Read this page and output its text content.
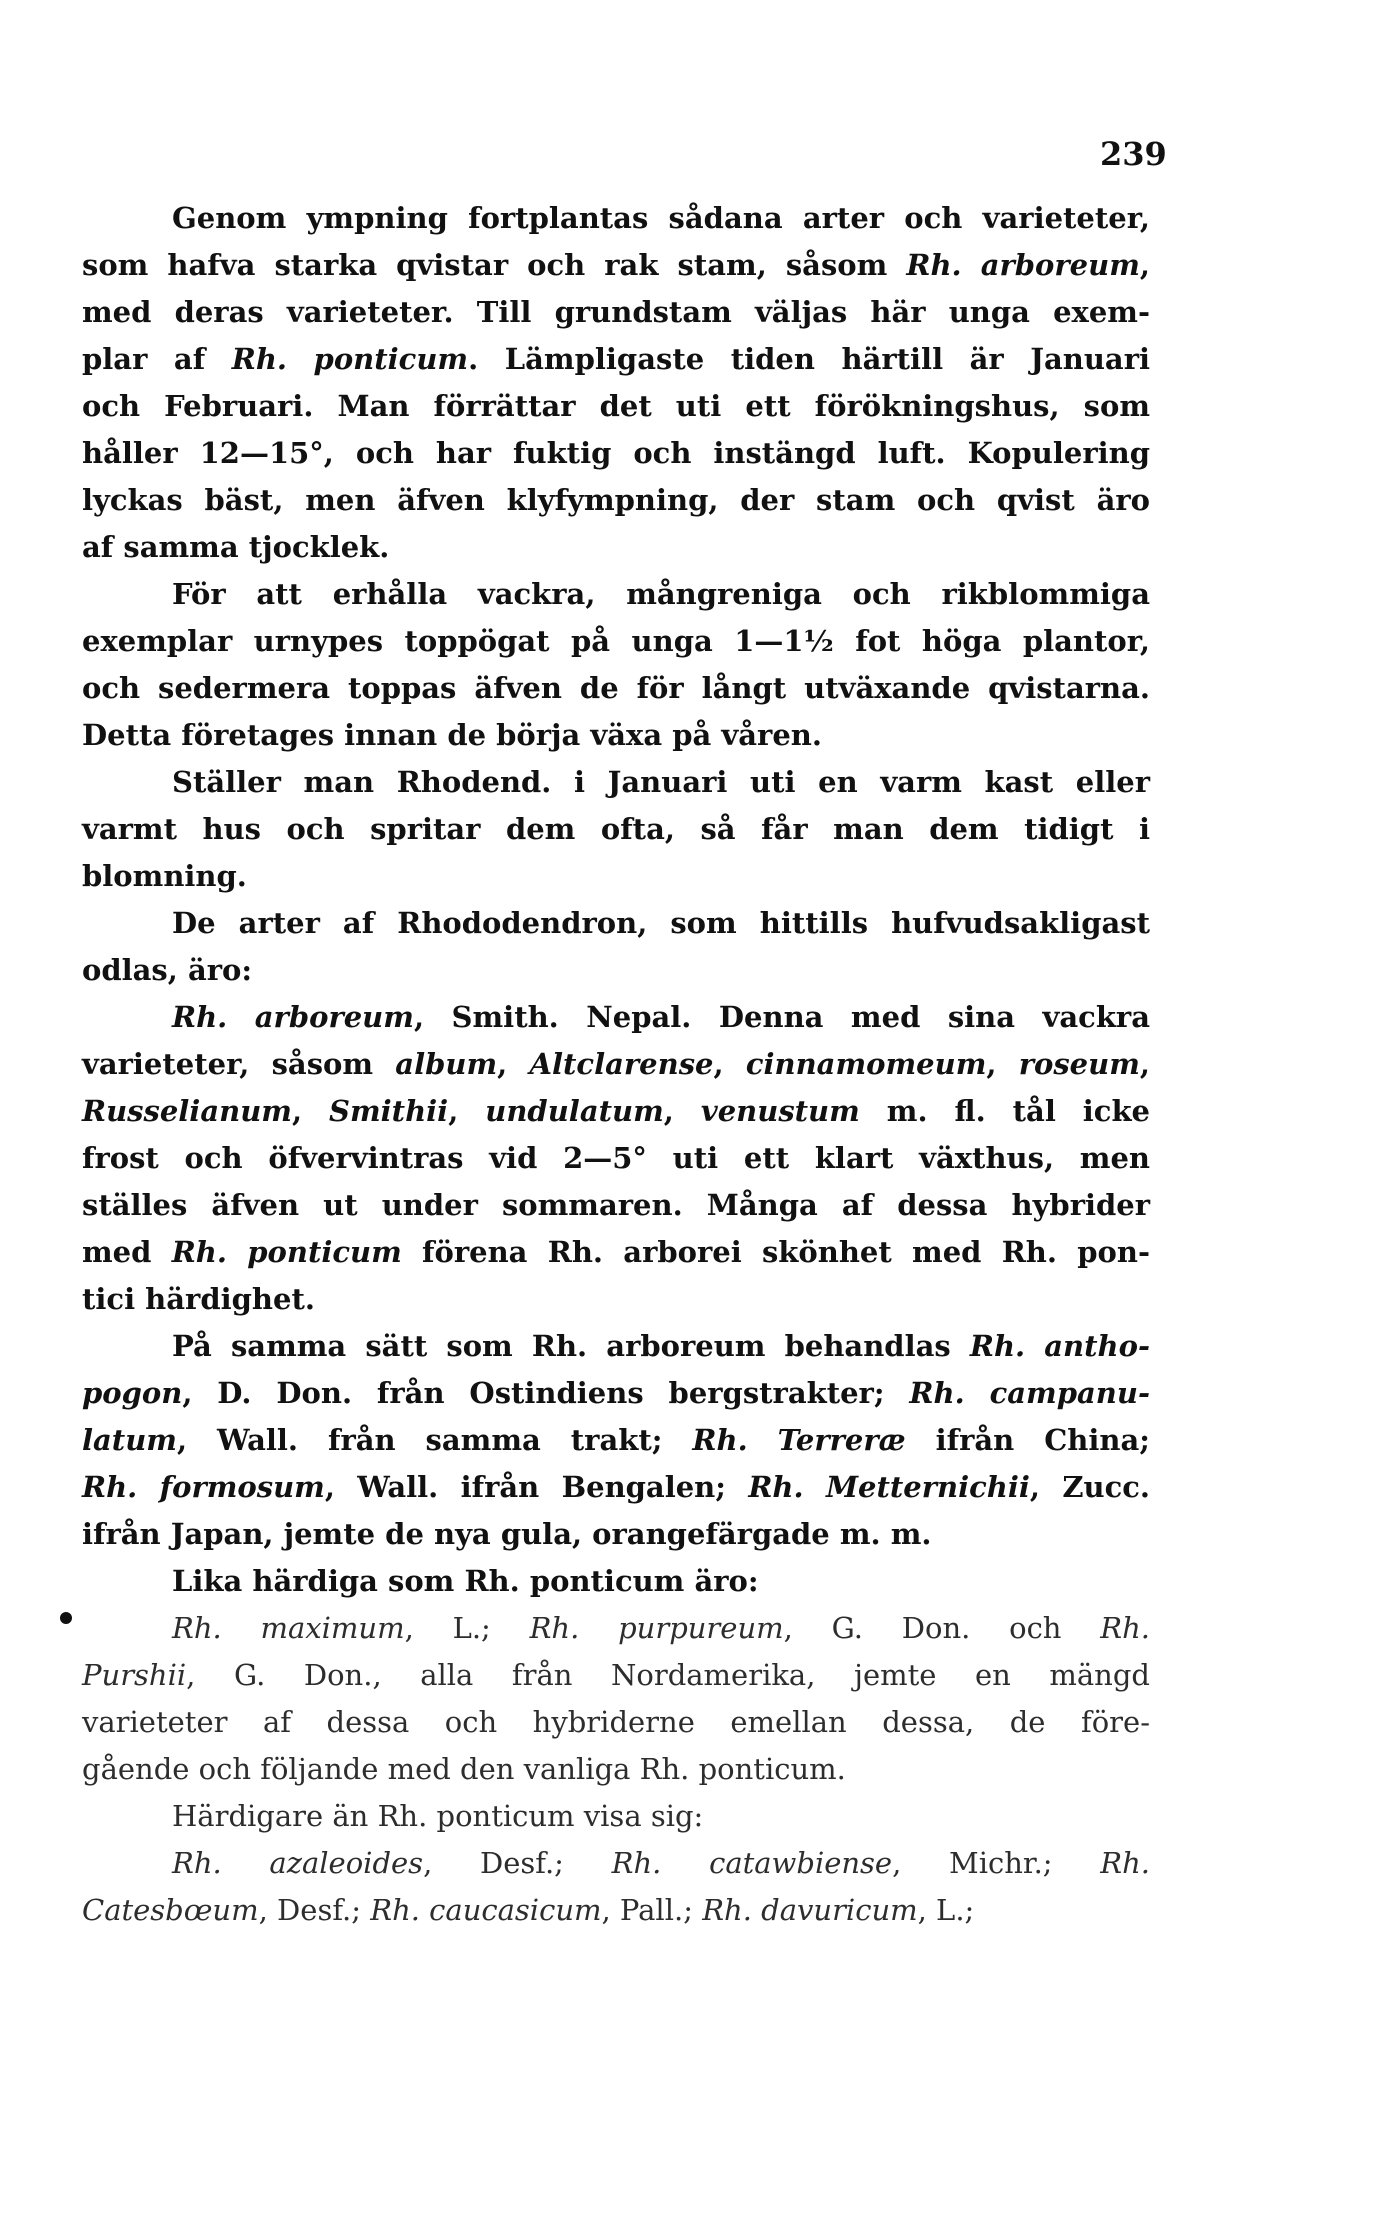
239

Genom ympning fortplantas sådana arter och varieteter,
som hafva starka qvistar och rak stam, såsom Rh. arboreum,
med deras varieteter. Till grundstam väljas här unga exem-
plar af Rh. ponticum. Lämpligaste tiden härtill är Januari
och Februari. Man förrättar det uti ett förökningshus, som
håller 12—15°, och har fuktig och instängd luft. Kopulering
lyckas bäst, men äfven klyfympning, der stam och qvist äro
af samma tjocklek.

För att erhålla vackra, mångreniga och rikblommiga
exemplar urnypes toppögat på unga 1—1½ fot höga plantor,
och sedermera toppas äfven de för långt utväxande qvistarna.
Detta företages innan de börja växa på våren.

Ställer man Rhodend. i Januari uti en varm kast eller
varmt hus och spritar dem ofta, så får man dem tidigt i
blomning.

De arter af Rhododendron, som hittills hufvudsakligast
odlas, äro:

Rh. arboreum, Smith. Nepal. Denna med sina vackra
varieteter, såsom album, Altclarense, cinnamomeum, roseum,
Russelianum, Smithii, undulatum, venustum m. fl. tål icke
frost och öfvervintras vid 2—5° uti ett klart växthus, men
ställes äfven ut under sommaren. Många af dessa hybrider
med Rh. ponticum förena Rh. arborei skönhet med Rh. pon-
tici härdighet.

På samma sätt som Rh. arboreum behandlas Rh. antho-
pogon, D. Don. från Ostindiens bergstrakter; Rh. campanu-
latum, Wall. från samma trakt; Rh. Terreræ ifrån China;
Rh. formosum, Wall. ifrån Bengalen; Rh. Metternichii, Zucc.
ifrån Japan, jemte de nya gula, orangefärgade m. m.

Lika härdiga som Rh. ponticum äro:

Rh. maximum, L.; Rh. purpureum, G. Don. och Rh.
Purshii, G. Don., alla från Nordamerika, jemte en mängd
varieteter af dessa och hybriderne emellan dessa, de före-
gående och följande med den vanliga Rh. ponticum.

Härdigare än Rh. ponticum visa sig:

Rh. azaleoides, Desf.; Rh. catawbiense, Michr.; Rh.
Catesbœum, Desf.; Rh. caucasicum, Pall.; Rh. davuricum, L.;
